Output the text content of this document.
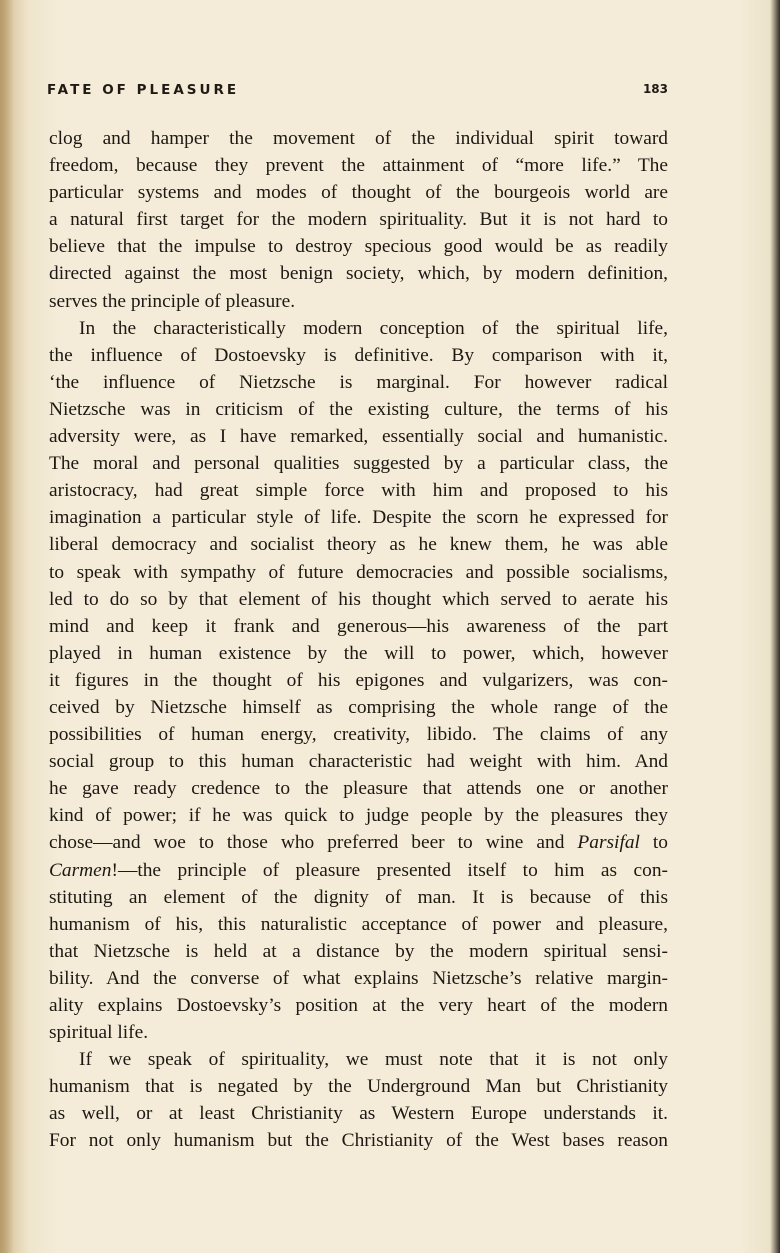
FATE OF PLEASURE	183
clog and hamper the movement of the individual spirit toward
freedom, because they prevent the attainment of “more life.” The
particular systems and modes of thought of the bourgeois world are
a natural first target for the modern spirituality. But it is not hard to
believe that the impulse to destroy specious good would be as readily
directed against the most benign society, which, by modern definition,
serves the principle of pleasure.
In the characteristically modern conception of the spiritual life,
the influence of Dostoevsky is definitive. By comparison with it,
‘the influence of Nietzsche is marginal. For however radical
Nietzsche was in criticism of the existing culture, the terms of his
adversity were, as I have remarked, essentially social and humanistic.
The moral and personal qualities suggested by a particular class, the
aristocracy, had great simple force with him and proposed to his
imagination a particular style of life. Despite the scorn he expressed for
liberal democracy and socialist theory as he knew them, he was able
to speak with sympathy of future democracies and possible socialisms,
led to do so by that element of his thought which served to aerate his
mind and keep it frank and generous—his awareness of the part
played in human existence by the will to power, which, however
it figures in the thought of his epigones and vulgarizers, was con-
ceived by Nietzsche himself as comprising the whole range of the
possibilities of human energy, creativity, libido. The claims of any
social group to this human characteristic had weight with him. And
he gave ready credence to the pleasure that attends one or another
kind of power; if he was quick to judge people by the pleasures they
chose—and woe to those who preferred beer to wine and Parsifal to
Carmen!—the principle of pleasure presented itself to him as con-
stituting an element of the dignity of man. It is because of this
humanism of his, this naturalistic acceptance of power and pleasure,
that Nietzsche is held at a distance by the modern spiritual sensi-
bility. And the converse of what explains Nietzsche’s relative margin-
ality explains Dostoevsky’s position at the very heart of the modern
spiritual life.
If we speak of spirituality, we must note that it is not only
humanism that is negated by the Underground Man but Christianity
as well, or at least Christianity as Western Europe understands it.
For not only humanism but the Christianity of the West bases reason
